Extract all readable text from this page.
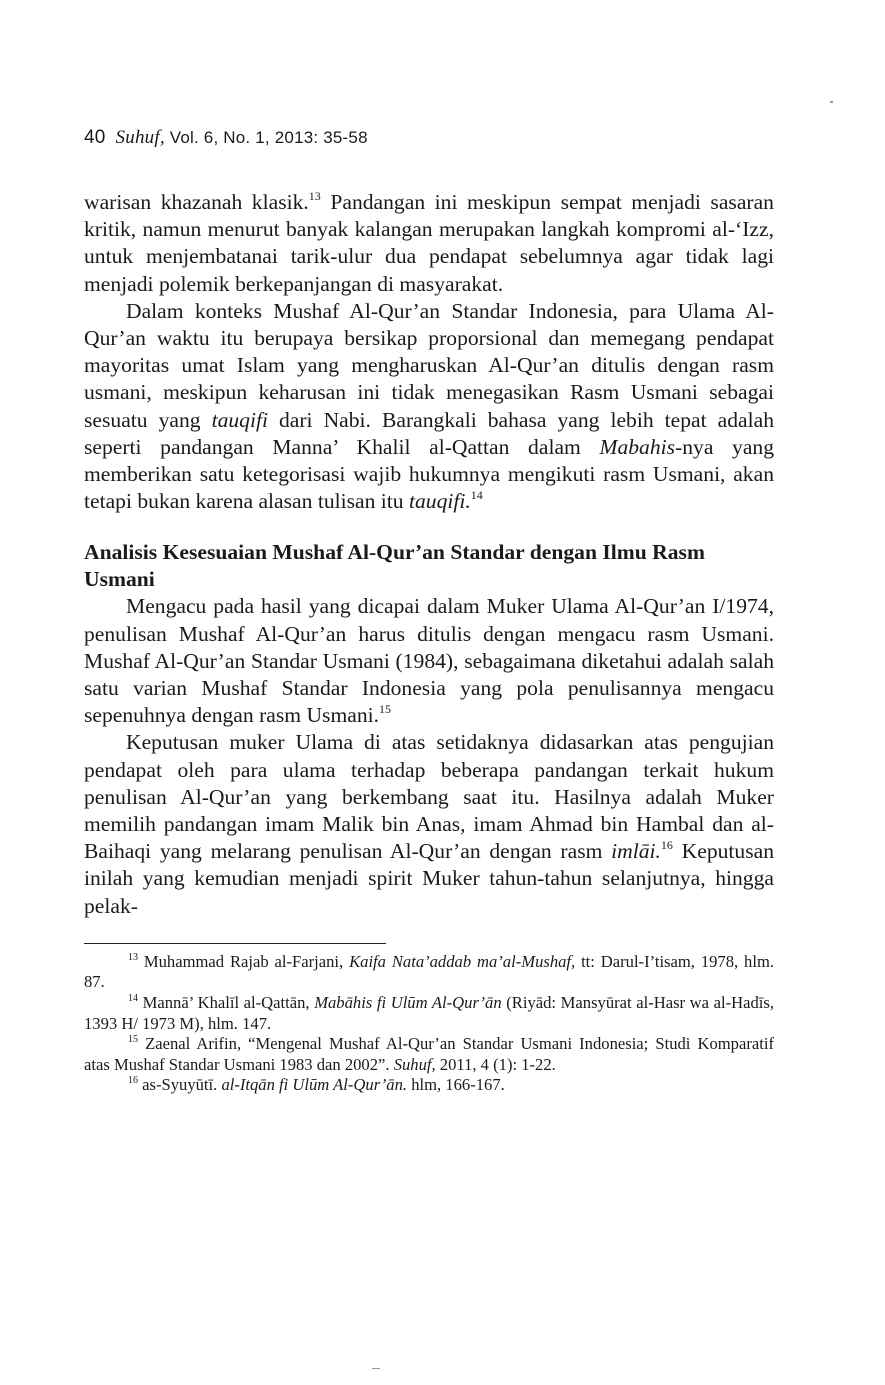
40 Suhuf, Vol. 6, No. 1, 2013: 35-58

warisan khazanah klasik.$^{13}$ Pandangan ini meskipun sempat menjadi sasaran kritik, namun menurut banyak kalangan merupakan langkah kompromi al-‘Izz, untuk menjembatanai tarik-ulur dua pendapat sebelumnya agar tidak lagi menjadi polemik berkepanjangan di masyarakat.

Dalam konteks Mushaf Al-Qur’an Standar Indonesia, para Ulama Al-Qur’an waktu itu berupaya bersikap proporsional dan memegang pendapat mayoritas umat Islam yang mengharuskan Al-Qur’an ditulis dengan rasm usmani, meskipun keharusan ini tidak menegasikan Rasm Usmani sebagai sesuatu yang tauqifi dari Nabi. Barangkali bahasa yang lebih tepat adalah seperti pandangan Manna’ Khalil al-Qattan dalam Mabahis-nya yang memberikan satu ketegorisasi wajib hukumnya mengikuti rasm Usmani, akan tetapi bukan karena alasan tulisan itu tauqifi.$^{14}$

Analisis Kesesuaian Mushaf Al-Qur’an Standar dengan Ilmu Rasm Usmani

Mengacu pada hasil yang dicapai dalam Muker Ulama Al-Qur’an I/1974, penulisan Mushaf Al-Qur’an harus ditulis dengan mengacu rasm Usmani. Mushaf Al-Qur’an Standar Usmani (1984), sebagaimana diketahui adalah salah satu varian Mushaf Standar Indonesia yang pola penulisannya mengacu sepenuhnya dengan rasm Usmani.$^{15}$

Keputusan muker Ulama di atas setidaknya didasarkan atas pengujian pendapat oleh para ulama terhadap beberapa pandangan terkait hukum penulisan Al-Qur’an yang berkembang saat itu. Hasilnya adalah Muker memilih pandangan imam Malik bin Anas, imam Ahmad bin Hambal dan al-Baihaqi yang melarang penulisan Al-Qur’an dengan rasm imlāi.$^{16}$ Keputusan inilah yang kemudian menjadi spirit Muker tahun-tahun selanjutnya, hingga pelak-

$^{13}$ Muhammad Rajab al-Farjani, Kaifa Nata’addab ma’al-Mushaf, tt: Darul-I’tisam, 1978, hlm. 87.

$^{14}$ Mannā’ Khalīl al-Qattān, Mabāhis fi Ulūm Al-Qur’ān (Riyād: Mansyūrat al-Hasr wa al-Hadīs, 1393 H/ 1973 M), hlm. 147.

$^{15}$ Zaenal Arifin, “Mengenal Mushaf Al-Qur’an Standar Usmani Indonesia; Studi Komparatif atas Mushaf Standar Usmani 1983 dan 2002”. Suhuf, 2011, 4 (1): 1-22.

$^{16}$ as-Syuyūtī. al-Itqān fi Ulūm Al-Qur’ān. hlm, 166-167.
